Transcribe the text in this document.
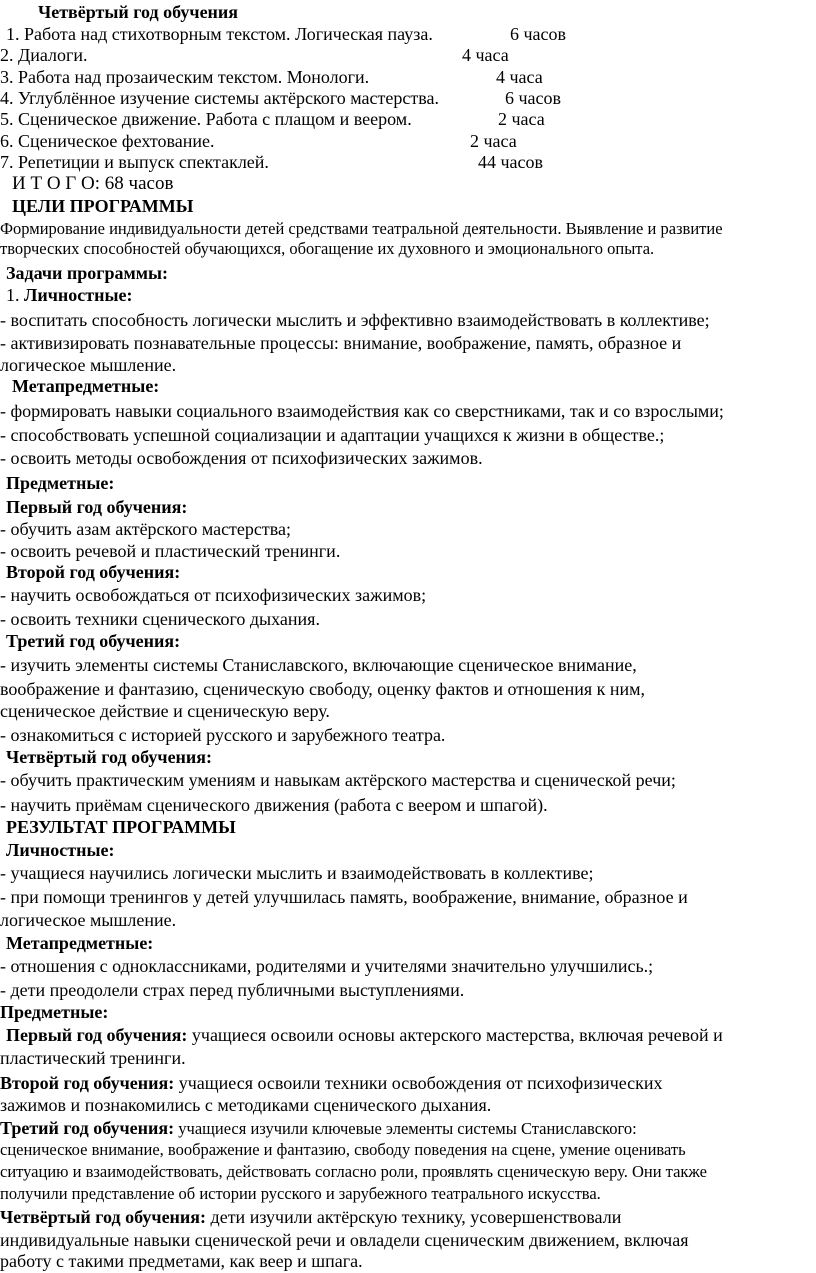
Четвёртый год обучения
1. Работа над стихотворным текстом. Логическая пауза.	6 часов
2. Диалоги.	4 часа
3. Работа над прозаическим текстом. Монологи.	4 часа
4. Углублённое изучение системы актёрского мастерства.	6 часов
5. Сценическое движение. Работа с плащом и веером.	2 часа
6. Сценическое фехтование.	2 часа
7. Репетиции и выпуск спектаклей.	44 часов
И Т О Г О: 68 часов
ЦЕЛИ ПРОГРАММЫ
Формирование индивидуальности детей средствами театральной деятельности. Выявление и развитие
творческих способностей обучающихся, обогащение их духовного и эмоционального опыта.
Задачи программы:
1. Личностные:
- воспитать способность логически мыслить и эффективно взаимодействовать в коллективе;
- активизировать познавательные процессы: внимание, воображение, память, образное и
логическое мышление.
Метапредметные:
- формировать навыки социального взаимодействия как со сверстниками, так и со взрослыми;
- способствовать успешной социализации и адаптации учащихся к жизни в обществе.;
- освоить методы освобождения от психофизических зажимов.
Предметные:
Первый год обучения:
- обучить азам актёрского мастерства;
- освоить речевой и пластический тренинги.
Второй год обучения:
- научить освобождаться от психофизических зажимов;
- освоить техники сценического дыхания.
Третий год обучения:
- изучить элементы системы Станиславского, включающие сценическое внимание,
воображение и фантазию, сценическую свободу, оценку фактов и отношения к ним,
сценическое действие и сценическую веру.
- ознакомиться с историей русского и зарубежного театра.
Четвёртый год обучения:
- обучить практическим умениям и навыкам актёрского мастерства и сценической речи;
- научить приёмам сценического движения (работа с веером и шпагой).
РЕЗУЛЬТАТ ПРОГРАММЫ
Личностные:
- учащиеся научились логически мыслить и взаимодействовать в коллективе;
- при помощи тренингов у детей улучшилась память, воображение, внимание, образное и
логическое мышление.
Метапредметные:
- отношения с одноклассниками, родителями и учителями значительно улучшились.;
- дети преодолели страх перед публичными выступлениями.
Предметные:
Первый год обучения: учащиеся освоили основы актерского мастерства, включая речевой и
пластический тренинги.
Второй год обучения: учащиеся освоили техники освобождения от психофизических
зажимов и познакомились с методиками сценического дыхания.
Третий год обучения: учащиеся изучили ключевые элементы системы Станиславского:
сценическое внимание, воображение и фантазию, свободу поведения на сцене, умение оценивать
ситуацию и взаимодействовать, действовать согласно роли, проявлять сценическую веру. Они также
получили представление об истории русского и зарубежного театрального искусства.
Четвёртый год обучения: дети изучили актёрскую технику, усовершенствовали
индивидуальные навыки сценической речи и овладели сценическим движением, включая
работу с такими предметами, как веер и шпага.
